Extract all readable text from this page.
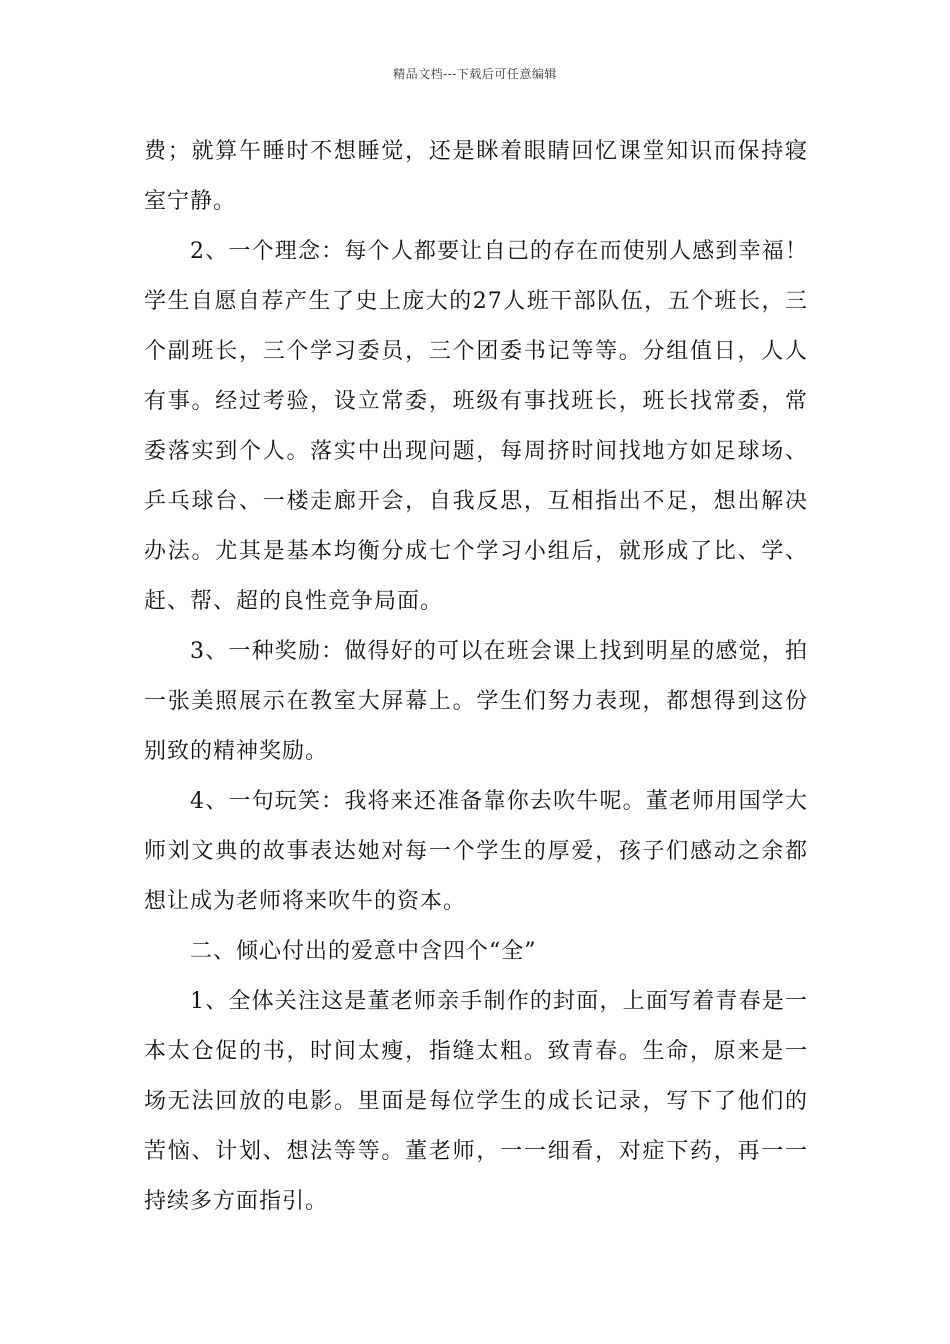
精品文档---下载后可任意编辑

费；就算午睡时不想睡觉，还是眯着眼睛回忆课堂知识而保持寝室宁静。

2、一个理念：每个人都要让自己的存在而使别人感到幸福！学生自愿自荐产生了史上庞大的27人班干部队伍，五个班长，三个副班长，三个学习委员，三个团委书记等等。分组值日，人人有事。经过考验，设立常委，班级有事找班长，班长找常委，常委落实到个人。落实中出现问题，每周挤时间找地方如足球场、乒乓球台、一楼走廊开会，自我反思，互相指出不足，想出解决办法。尤其是基本均衡分成七个学习小组后，就形成了比、学、赶、帮、超的良性竞争局面。

3、一种奖励：做得好的可以在班会课上找到明星的感觉，拍一张美照展示在教室大屏幕上。学生们努力表现，都想得到这份别致的精神奖励。

4、一句玩笑：我将来还准备靠你去吹牛呢。董老师用国学大师刘文典的故事表达她对每一个学生的厚爱，孩子们感动之余都想让成为老师将来吹牛的资本。

二、倾心付出的爱意中含四个“全”

1、全体关注这是董老师亲手制作的封面，上面写着青春是一本太仓促的书，时间太瘦，指缝太粗。致青春。生命，原来是一场无法回放的电影。里面是每位学生的成长记录，写下了他们的苦恼、计划、想法等等。董老师，一一细看，对症下药，再一一持续多方面指引。
